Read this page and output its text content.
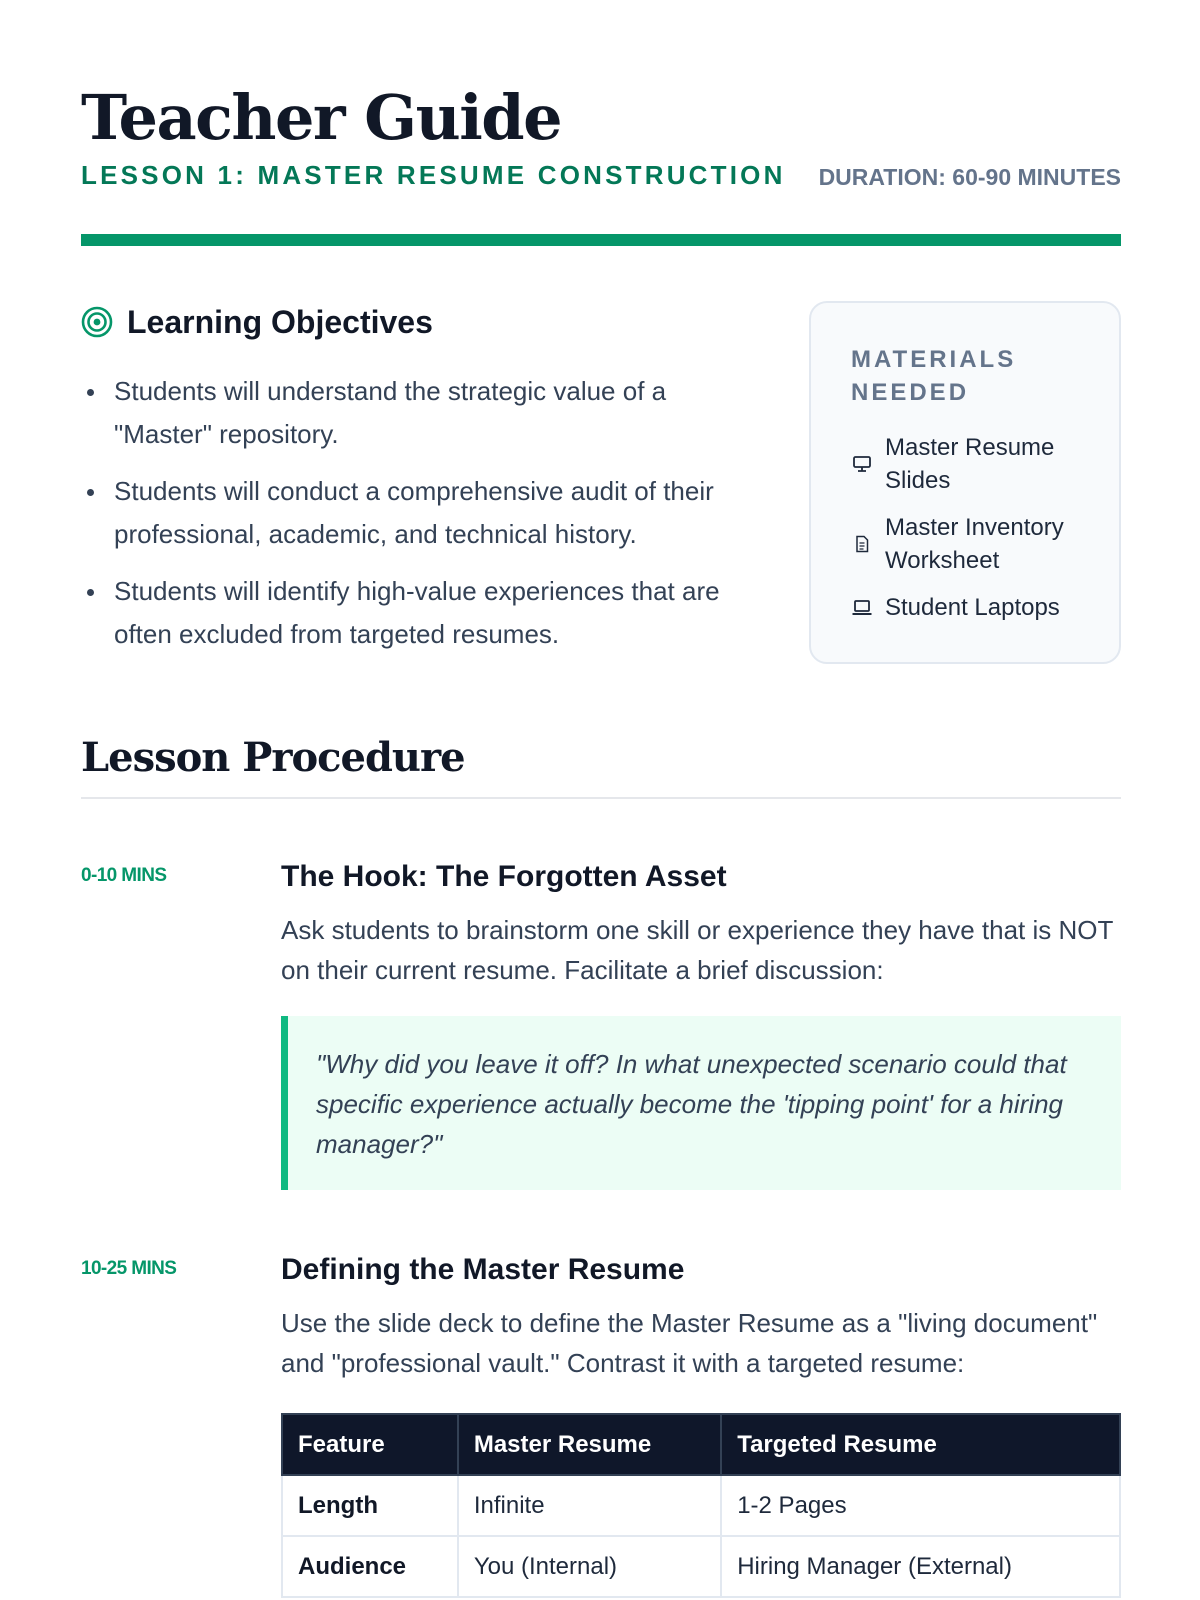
Teacher Guide
LESSON 1: MASTER RESUME CONSTRUCTION DURATION: 60-90 MINUTES
Learning Objectives
Students will understand the strategic value of a "Master" repository.
Students will conduct a comprehensive audit of their professional, academic, and technical history.
Students will identify high-value experiences that are often excluded from targeted resumes.
MATERIALS NEEDED
Master Resume Slides
Master Inventory Worksheet
Student Laptops
Lesson Procedure
0-10 MINS	The Hook: The Forgotten Asset

Ask students to brainstorm one skill or experience they have that is NOT on their current resume. Facilitate a brief discussion:

"Why did you leave it off? In what unexpected scenario could that specific experience actually become the 'tipping point' for a hiring manager?"
10-25 MINS	Defining the Master Resume

Use the slide deck to define the Master Resume as a "living document" and "professional vault." Contrast it with a targeted resume:

Feature	Master Resume	Targeted Resume
Length	Infinite	1-2 Pages
Audience	You (Internal)	Hiring Manager (External)
